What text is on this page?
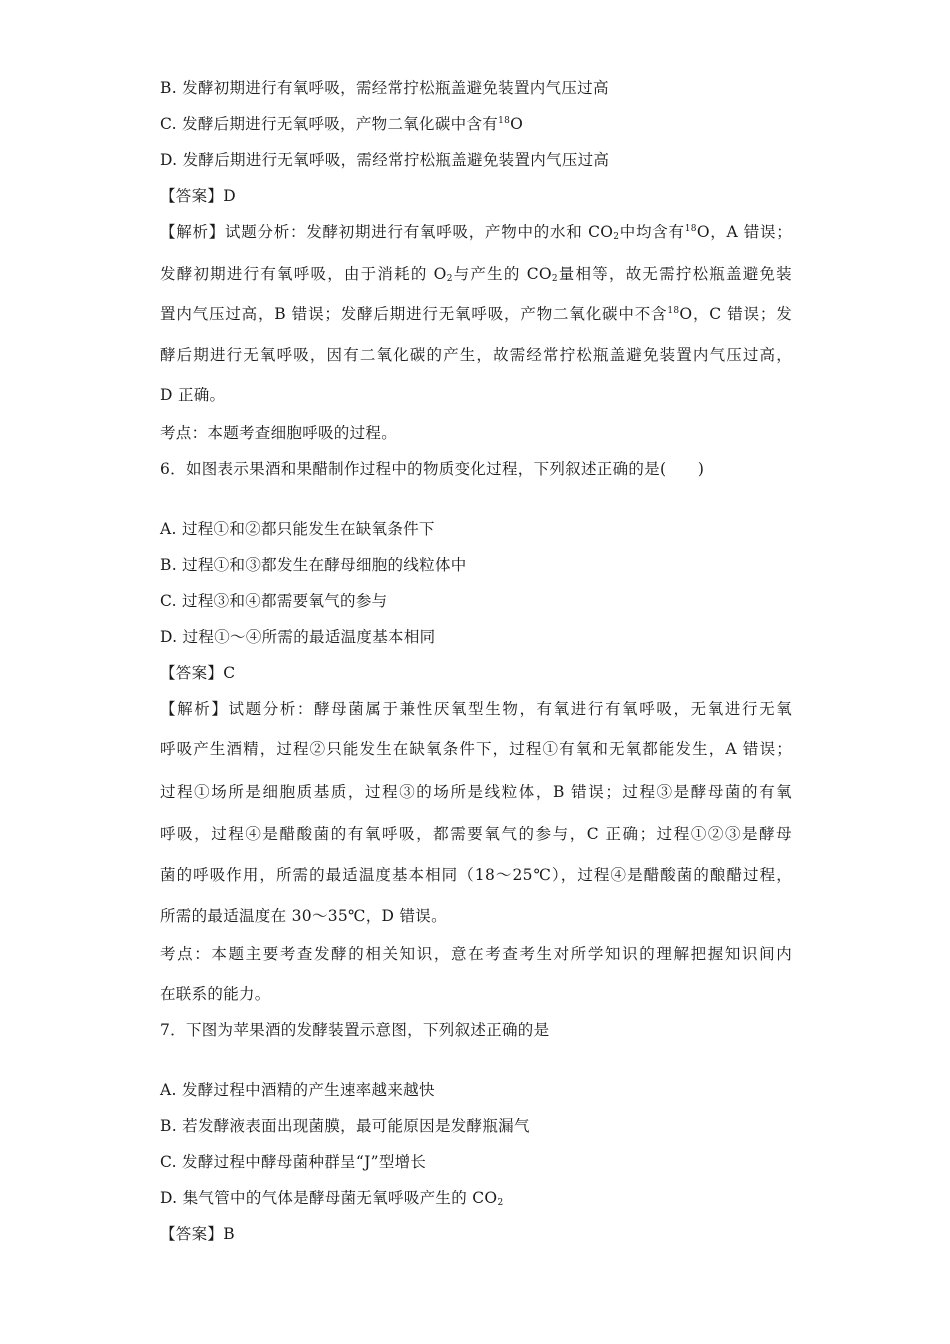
B. 发酵初期进行有氧呼吸，需经常拧松瓶盖避免装置内气压过高
C. 发酵后期进行无氧呼吸，产物二氧化碳中含有$^{18}$O
D. 发酵后期进行无氧呼吸，需经常拧松瓶盖避免装置内气压过高
【答案】D
【解析】试题分析：发酵初期进行有氧呼吸，产物中的水和 $CO_2$中均含有$^{18}$O，A 错误；
发酵初期进行有氧呼吸，由于消耗的 $O_2$与产生的 $CO_2$量相等，故无需拧松瓶盖避免装
置内气压过高，B 错误；发酵后期进行无氧呼吸，产物二氧化碳中不含$^{18}$O，C 错误；发
酵后期进行无氧呼吸，因有二氧化碳的产生，故需经常拧松瓶盖避免装置内气压过高，
D 正确。
考点：本题考查细胞呼吸的过程。
6．如图表示果酒和果醋制作过程中的物质变化过程，下列叙述正确的是(　　)
A. 过程①和②都只能发生在缺氧条件下
B. 过程①和③都发生在酵母细胞的线粒体中
C. 过程③和④都需要氧气的参与
D. 过程①～④所需的最适温度基本相同
【答案】C
【解析】试题分析：酵母菌属于兼性厌氧型生物，有氧进行有氧呼吸，无氧进行无氧
呼吸产生酒精，过程②只能发生在缺氧条件下，过程①有氧和无氧都能发生，A 错误；
过程①场所是细胞质基质，过程③的场所是线粒体，B 错误；过程③是酵母菌的有氧
呼吸，过程④是醋酸菌的有氧呼吸，都需要氧气的参与，C 正确；过程①②③是酵母
菌的呼吸作用，所需的最适温度基本相同（18～25℃），过程④是醋酸菌的酿醋过程，
所需的最适温度在 30～35℃，D 错误。
考点：本题主要考查发酵的相关知识，意在考查考生对所学知识的理解把握知识间内
在联系的能力。
7．下图为苹果酒的发酵装置示意图，下列叙述正确的是
A. 发酵过程中酒精的产生速率越来越快
B. 若发酵液表面出现菌膜，最可能原因是发酵瓶漏气
C. 发酵过程中酵母菌种群呈“J”型增长
D. 集气管中的气体是酵母菌无氧呼吸产生的 $CO_2$
【答案】B
